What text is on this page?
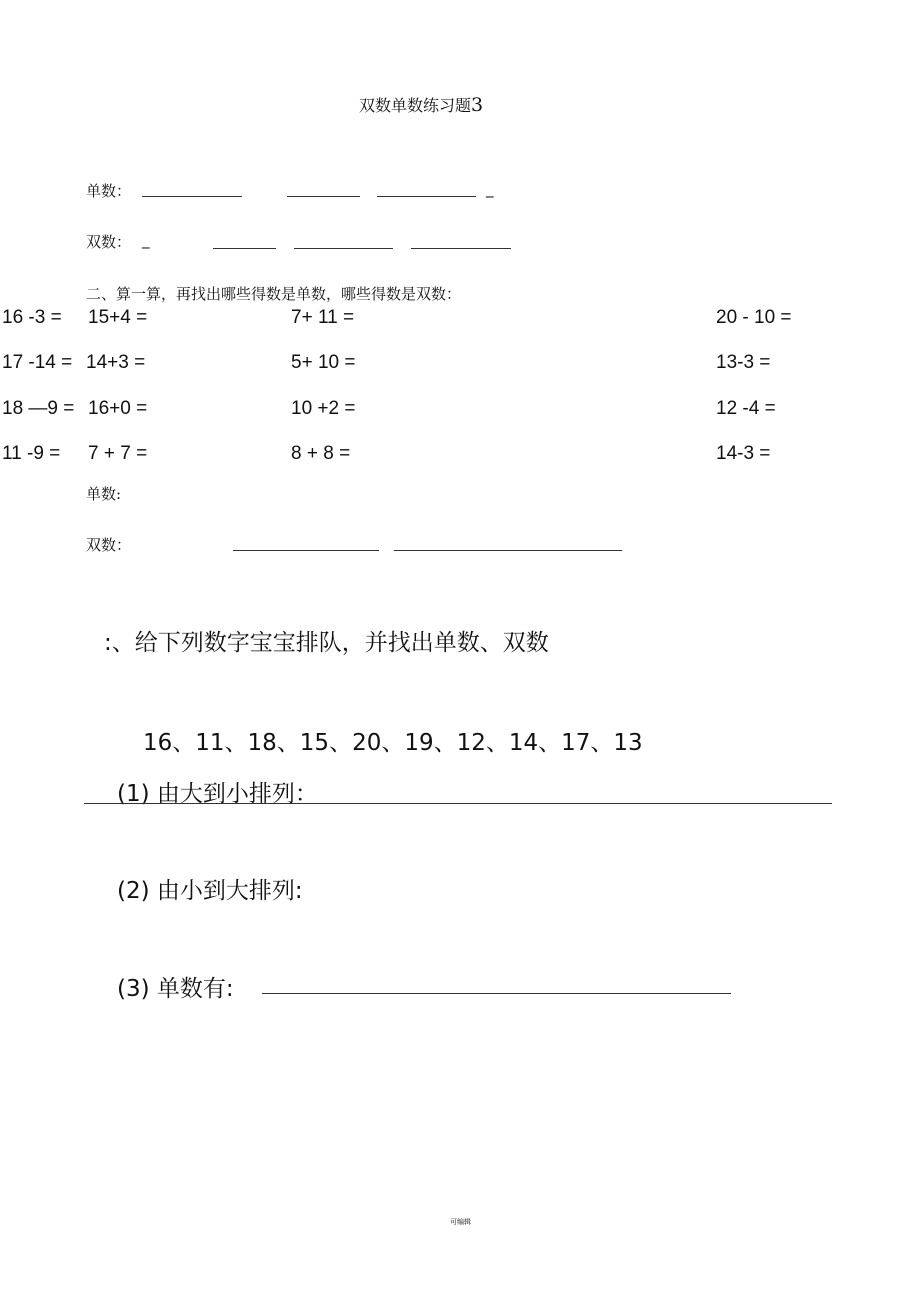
双数单数练习题3
单数：	_
双数： _
二、算一算，再找出哪些得数是单数，哪些得数是双数：
16 -3 = 15+4 =	7+ 11 =	20 - 10 =
17 -14 = 14+3 =	5+ 10 =	13-3 =
18 —9 = 16+0 =	10 +2 =	12 -4 =
11 -9 = 7 + 7 =	8 + 8 =	14-3 =
单数:
双数：
:、给下列数字宝宝排队，并找出单数、双数
16、11、18、15、20、19、12、14、17、13
(1) 由大到小排列：
(2) 由小到大排列:
(3) 单数有:
可编辑
